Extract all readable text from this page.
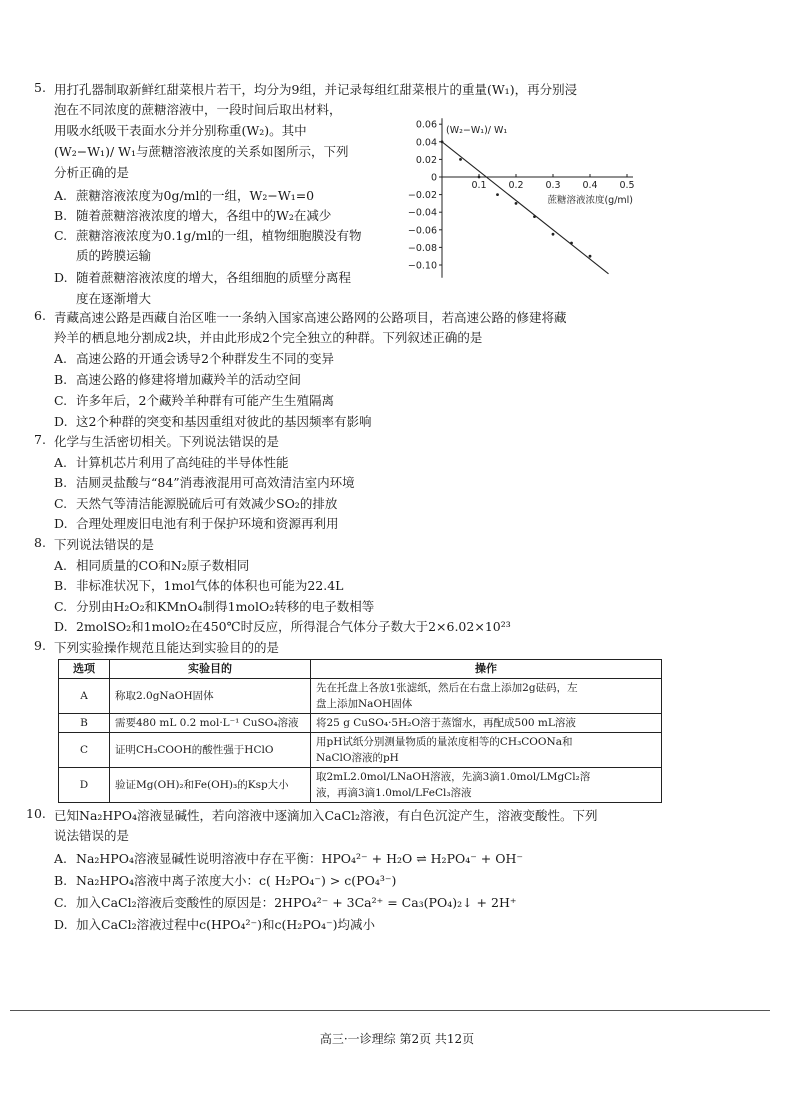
5. 用打孔器制取新鲜红甜菜根片若干，均分为9组，并记录每组红甜菜根片的重量(W₁)，再分别浸
泡在不同浓度的蔗糖溶液中，一段时间后取出材料，
用吸水纸吸干表面水分并分别称重(W₂)。其中
(W₂−W₁)/ W₁与蔗糖溶液浓度的关系如图所示，下列
分析正确的是
A. 蔗糖溶液浓度为0g/ml的一组，W₂−W₁=0
B. 随着蔗糖溶液浓度的增大，各组中的W₂在减少
C. 蔗糖溶液浓度为0.1g/ml的一组，植物细胞膜没有物
质的跨膜运输
D. 随着蔗糖溶液浓度的增大，各组细胞的质壁分离程
度在逐渐增大
0.06
0.04
0.02
0
−0.02
−0.04
−0.06
−0.08
−0.10
0.1 0.2 0.3 0.4 0.5
(W₂−W₁)/ W₁
蔗糖溶液浓度(g/ml)
6. 青藏高速公路是西藏自治区唯一一条纳入国家高速公路网的公路项目，若高速公路的修建将藏
羚羊的栖息地分割成2块，并由此形成2个完全独立的种群。下列叙述正确的是
A. 高速公路的开通会诱导2个种群发生不同的变异
B. 高速公路的修建将增加藏羚羊的活动空间
C. 许多年后，2个藏羚羊种群有可能产生生殖隔离
D. 这2个种群的突变和基因重组对彼此的基因频率有影响
7. 化学与生活密切相关。下列说法错误的是
A. 计算机芯片利用了高纯硅的半导体性能
B. 洁厕灵盐酸与“84”消毒液混用可高效清洁室内环境
C. 天然气等清洁能源脱硫后可有效减少SO₂的排放
D. 合理处理废旧电池有利于保护环境和资源再利用
8. 下列说法错误的是
A. 相同质量的CO和N₂原子数相同
B. 非标准状况下，1mol气体的体积也可能为22.4L
C. 分别由H₂O₂和KMnO₄制得1molO₂转移的电子数相等
D. 2molSO₂和1molO₂在450℃时反应，所得混合气体分子数大于2×6.02×10²³
9. 下列实验操作规范且能达到实验目的的是
选项	实验目的	操作
A	称取2.0gNaOH固体	先在托盘上各放1张滤纸，然后在右盘上添加2g砝码，左
盘上添加NaOH固体

B	需要480 mL 0.2 mol·L⁻¹ CuSO₄溶液	将25 g CuSO₄·5H₂O溶于蒸馏水，再配成500 mL溶液

C	证明CH₃COOH的酸性强于HClO	用pH试纸分别测量物质的量浓度相等的CH₃COONa和
NaClO溶液的pH

D	验证Mg(OH)₂和Fe(OH)₃的Ksp大小	取2mL2.0mol/LNaOH溶液，先滴3滴1.0mol/LMgCl₂溶
液，再滴3滴1.0mol/LFeCl₃溶液
10. 已知Na₂HPO₄溶液显碱性，若向溶液中逐滴加入CaCl₂溶液，有白色沉淀产生，溶液变酸性。下列
说法错误的是
A. Na₂HPO₄溶液显碱性说明溶液中存在平衡：HPO₄²⁻ + H₂O ⇌ H₂PO₄⁻ + OH⁻
B. Na₂HPO₄溶液中离子浓度大小：c( H₂PO₄⁻) > c(PO₄³⁻)
C. 加入CaCl₂溶液后变酸性的原因是：2HPO₄²⁻ + 3Ca²⁺ = Ca₃(PO₄)₂↓ + 2H⁺
D. 加入CaCl₂溶液过程中c(HPO₄²⁻)和c(H₂PO₄⁻)均减小
高三·一诊理综 第2页 共12页
